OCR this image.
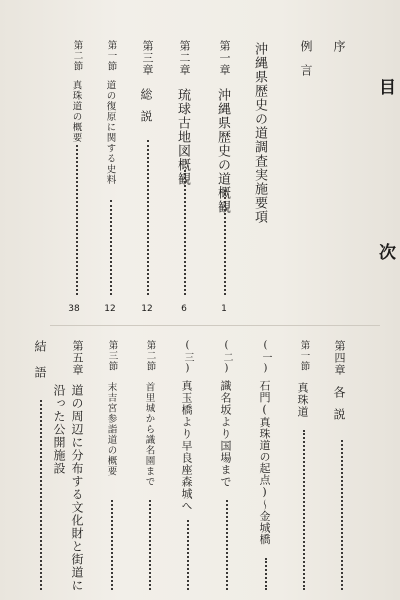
目
次
序
例言
沖縄県歴史の道調査実施要項
第一章
沖縄県歴史の道概観
1
第二章
琉球古地図概観
6
第三章
総説
12
第一節
道の復原に関する史料
12
第二節
真珠道の概要
38
第四章
各説
第一節
真珠道
(一)
石門(真珠道の起点)～金城橋
(二)
識名坂より国場まで
(三)
真玉橋より早良座森城へ
第二節
首里城から識名園まで
第三節
末吉宮参詣道の概要
第五章
道の周辺に分布する文化財と街道に
沿った公開施設
結語
